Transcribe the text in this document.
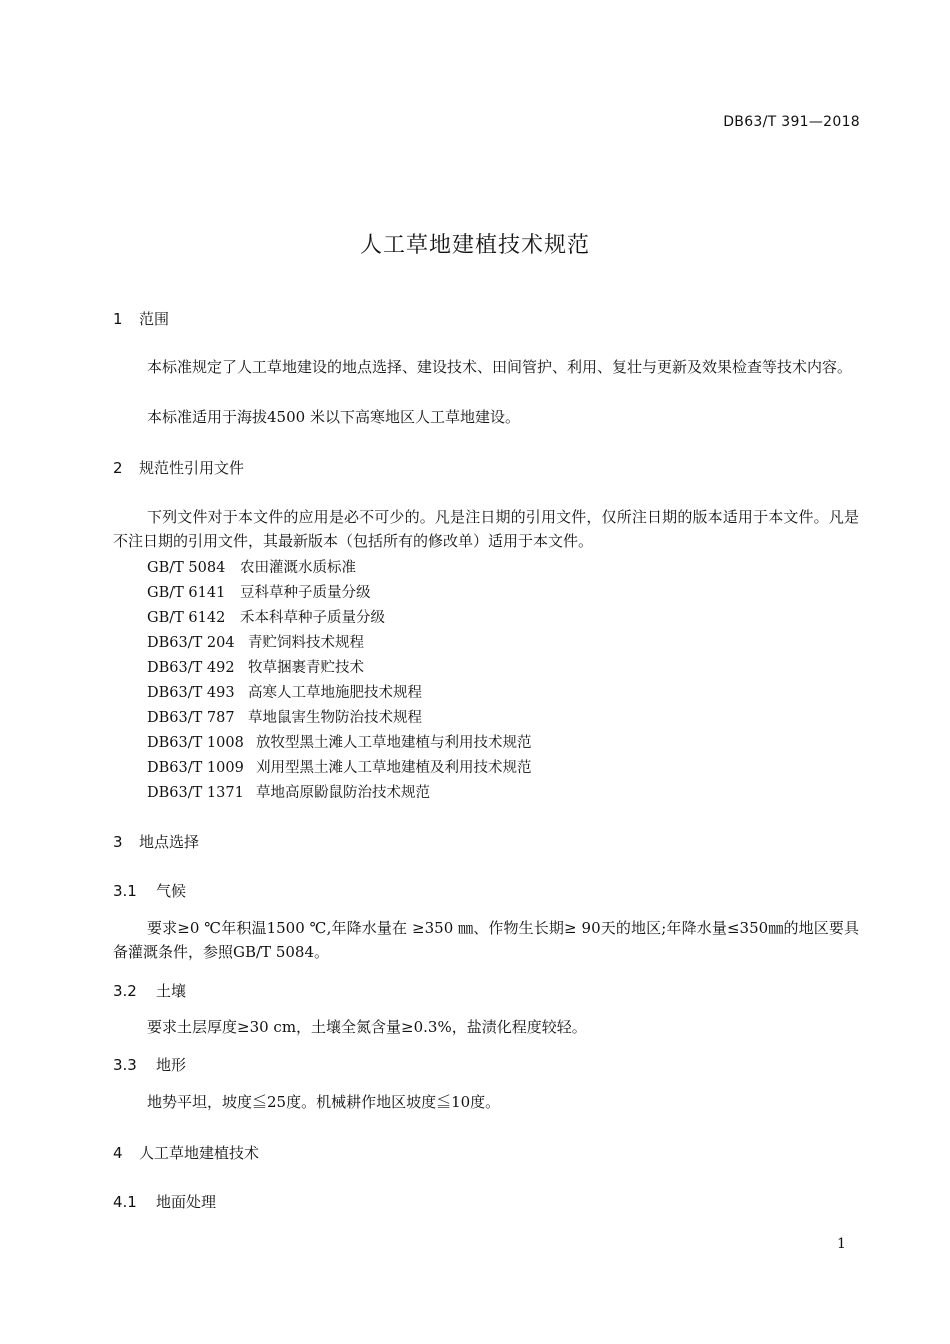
DB63/T 391—2018
人工草地建植技术规范
1 范围

本标准规定了人工草地建设的地点选择、建设技术、田间管护、利用、复壮与更新及效果检查等技术内容。

本标准适用于海拔4500 米以下高寒地区人工草地建设。

2 规范性引用文件

下列文件对于本文件的应用是必不可少的。凡是注日期的引用文件，仅所注日期的版本适用于本文件。凡是不注日期的引用文件，其最新版本（包括所有的修改单）适用于本文件。

GB/T 5084 农田灌溉水质标准
GB/T 6141 豆科草种子质量分级
GB/T 6142 禾本科草种子质量分级
DB63/T 204 青贮饲料技术规程
DB63/T 492 牧草捆裹青贮技术
DB63/T 493 高寒人工草地施肥技术规程
DB63/T 787 草地鼠害生物防治技术规程
DB63/T 1008 放牧型黑土滩人工草地建植与利用技术规范
DB63/T 1009 刈用型黑土滩人工草地建植及利用技术规范
DB63/T 1371 草地高原鼢鼠防治技术规范
3 地点选择
3.1 气候

要求≥0 ℃年积温1500 ℃,年降水量在 ≥350 ㎜、作物生长期≥ 90天的地区;年降水量≤350㎜的地区要具备灌溉条件，参照GB/T 5084。

3.2 土壤

要求土层厚度≥30 cm，土壤全氮含量≥0.3%，盐渍化程度较轻。

3.3 地形

地势平坦，坡度≦25度。机械耕作地区坡度≦10度。

4 人工草地建植技术
4.1 地面处理
1
